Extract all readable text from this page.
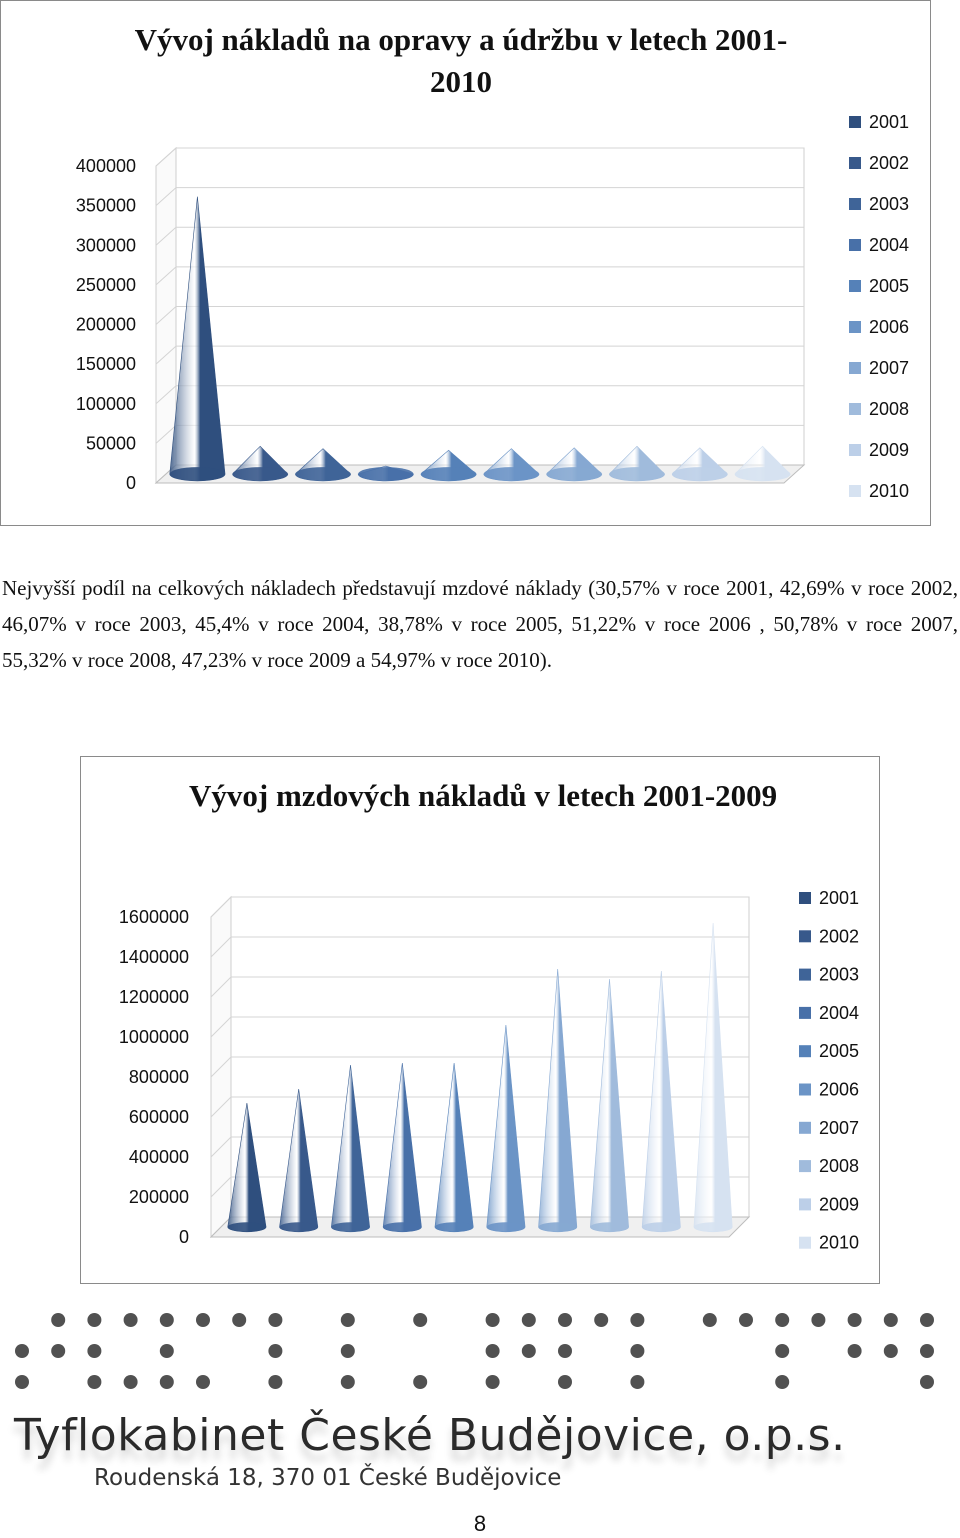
Vývoj nákladů na opravy a údržbu v letech 2001-2010
0
50000
100000
150000
200000
250000
300000
350000
400000
2001
2002
2003
2004
2005
2006
2007
2008
2009
2010
Nejvyšší podíl na celkových nákladech představují mzdové náklady (30,57% v roce 2001, 42,69% v roce 2002, 46,07% v roce 2003, 45,4% v roce 2004, 38,78% v roce 2005, 51,22% v roce 2006 , 50,78% v roce 2007, 55,32% v roce 2008, 47,23% v roce 2009 a 54,97% v roce 2010).
Vývoj mzdových nákladů v letech 2001-2009
0
200000
400000
600000
800000
1000000
1200000
1400000
1600000
2001
2002
2003
2004
2005
2006
2007
2008
2009
2010
Tyflokabinet České Budějovice, o.p.s.
Roudenská 18, 370 01 České Budějovice
8
